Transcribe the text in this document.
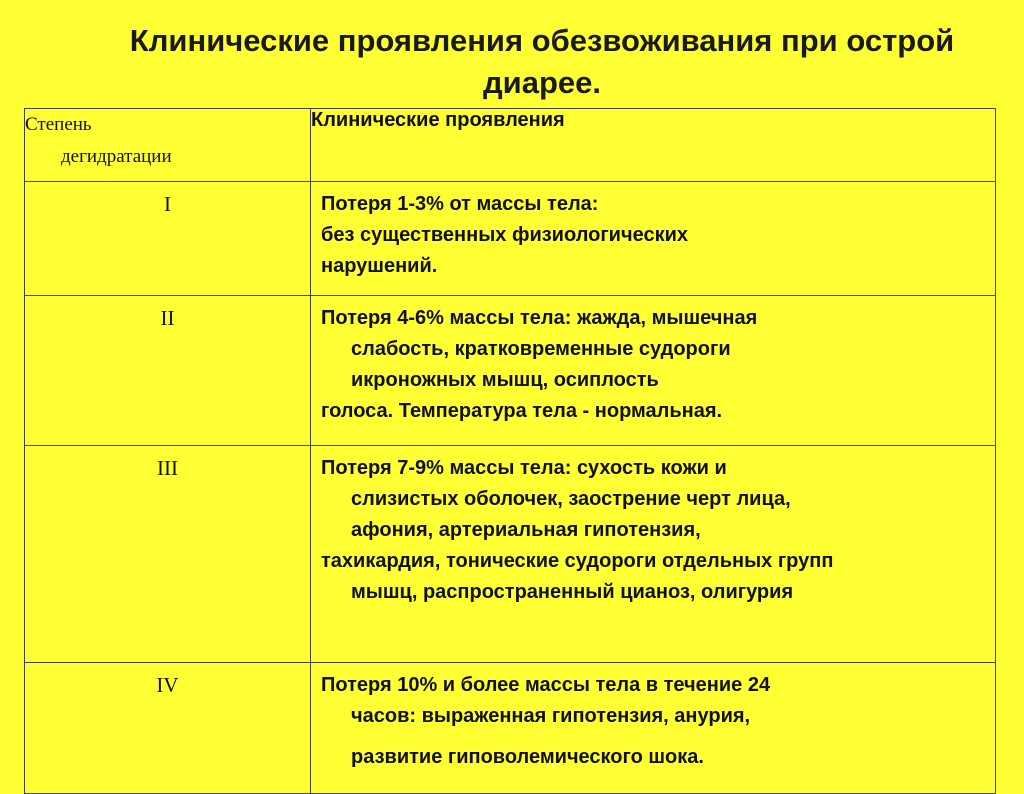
Клинические проявления обезвоживания при острой
диарее.
Степень
дегидратации	Клинические проявления
I	Потеря 1-3% от массы тела:
без существенных физиологических
нарушений.

II	Потеря 4-6% массы тела: жажда, мышечная
слабость, кратковременные судороги
икроножных мышц, осиплость
голоса. Температура тела - нормальная.

III	Потеря 7-9% массы тела: сухость кожи и
слизистых оболочек, заострение черт лица,
афония, артериальная гипотензия,
тахикардия, тонические судороги отдельных групп
мышц, распространенный цианоз, олигурия

IV	Потеря 10% и более массы тела в течение 24
часов: выраженная гипотензия, анурия,
развитие гиповолемического шока.
